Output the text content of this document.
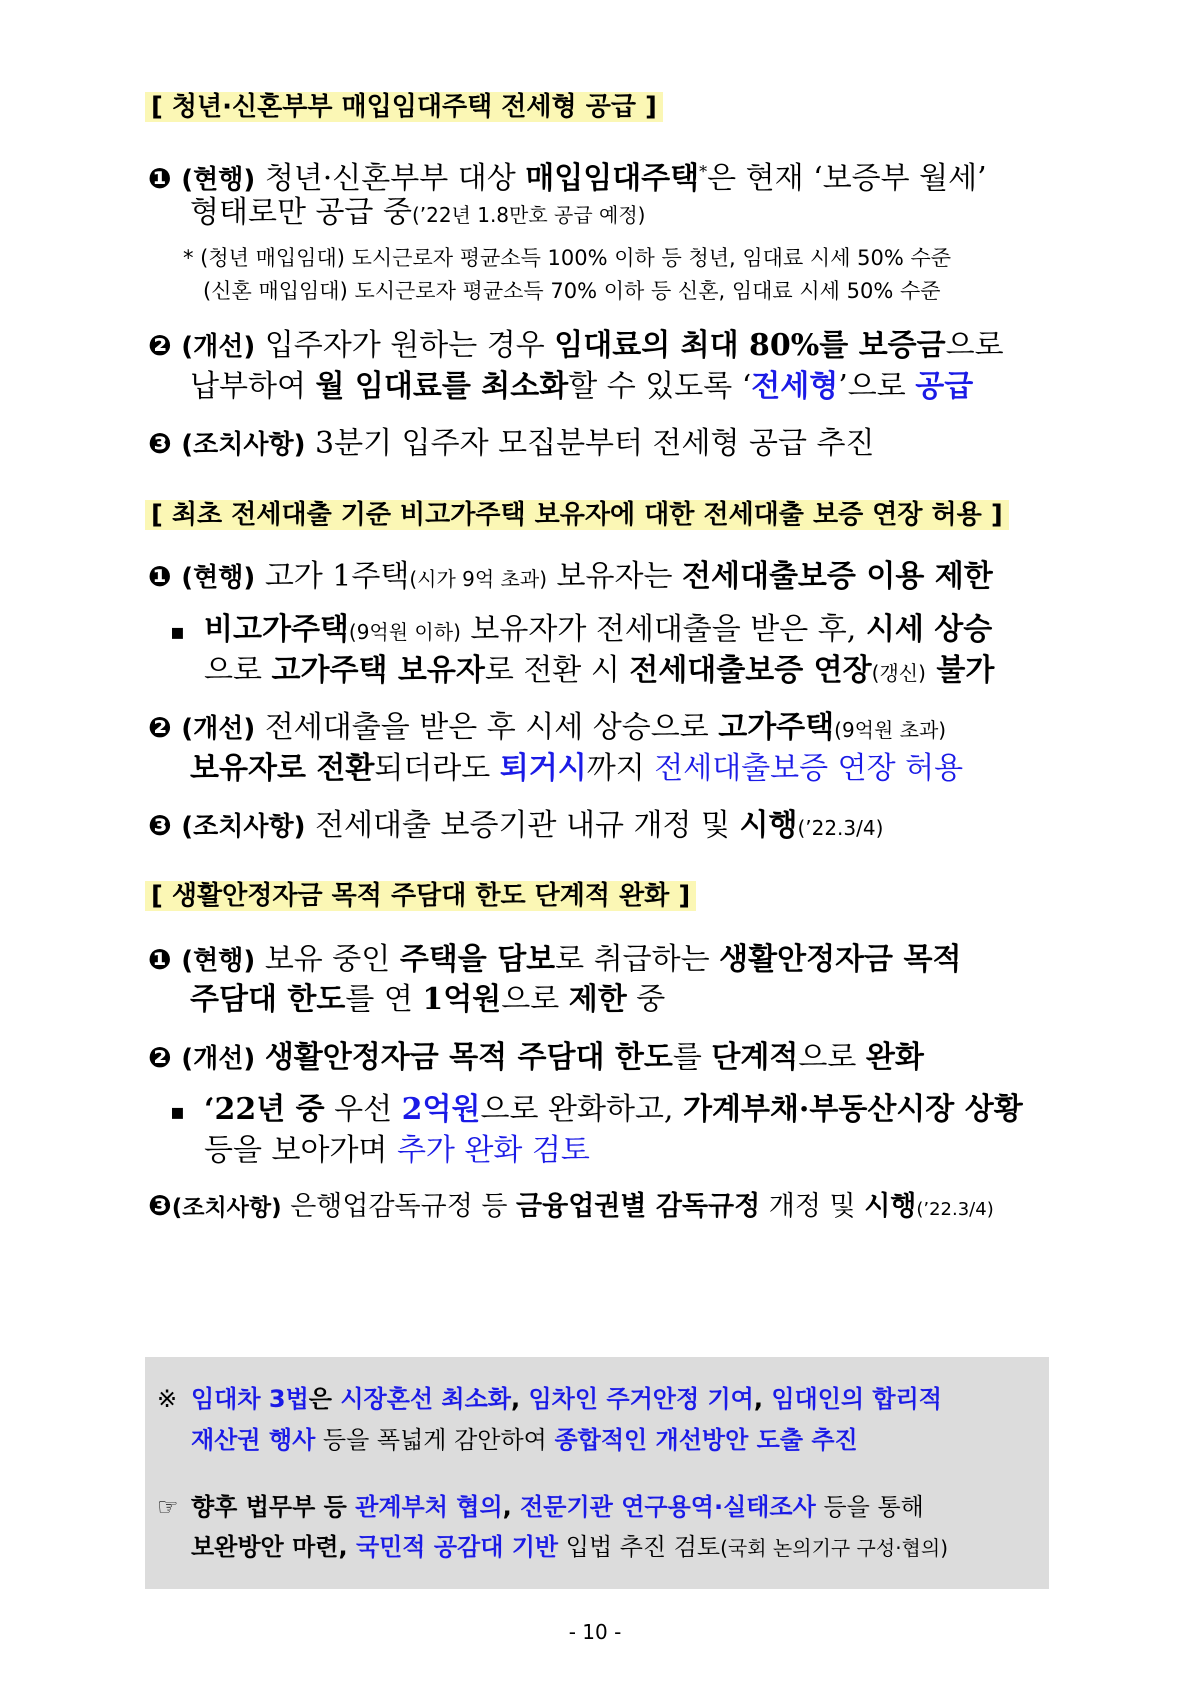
[ 청년·신혼부부 매입임대주택 전세형 공급 ]
❶ (현행) 청년·신혼부부 대상 매입임대주택*은 현재 ‘보증부 월세’
형태로만 공급 중(’22년 1.8만호 공급 예정)
* (청년 매입임대) 도시근로자 평균소득 100% 이하 등 청년, 임대료 시세 50% 수준
(신혼 매입임대) 도시근로자 평균소득 70% 이하 등 신혼, 임대료 시세 50% 수준
❷ (개선) 입주자가 원하는 경우 임대료의 최대 80%를 보증금으로
납부하여 월 임대료를 최소화할 수 있도록 ‘전세형’으로 공급
❸ (조치사항) 3분기 입주자 모집분부터 전세형 공급 추진
[ 최초 전세대출 기준 비고가주택 보유자에 대한 전세대출 보증 연장 허용 ]
❶ (현행) 고가 1주택(시가 9억 초과) 보유자는 전세대출보증 이용 제한
▪ 비고가주택(9억원 이하) 보유자가 전세대출을 받은 후, 시세 상승
으로 고가주택 보유자로 전환 시 전세대출보증 연장(갱신) 불가
❷ (개선) 전세대출을 받은 후 시세 상승으로 고가주택(9억원 초과)
보유자로 전환되더라도 퇴거시까지 전세대출보증 연장 허용
❸ (조치사항) 전세대출 보증기관 내규 개정 및 시행(’22.3/4)
[ 생활안정자금 목적 주담대 한도 단계적 완화 ]
❶ (현행) 보유 중인 주택을 담보로 취급하는 생활안정자금 목적
주담대 한도를 연 1억원으로 제한 중
❷ (개선) 생활안정자금 목적 주담대 한도를 단계적으로 완화
▪ ‘22년 중 우선 2억원으로 완화하고, 가계부채·부동산시장 상황
등을 보아가며 추가 완화 검토
❸(조치사항) 은행업감독규정 등 금융업권별 감독규정 개정 및 시행(’22.3/4)
※ 임대차 3법은 시장혼선 최소화, 임차인 주거안정 기여, 임대인의 합리적
재산권 행사 등을 폭넓게 감안하여 종합적인 개선방안 도출 추진
☞ 향후 법무부 등 관계부처 협의, 전문기관 연구용역·실태조사 등을 통해
보완방안 마련, 국민적 공감대 기반 입법 추진 검토(국회 논의기구 구성·협의)
- 10 -
